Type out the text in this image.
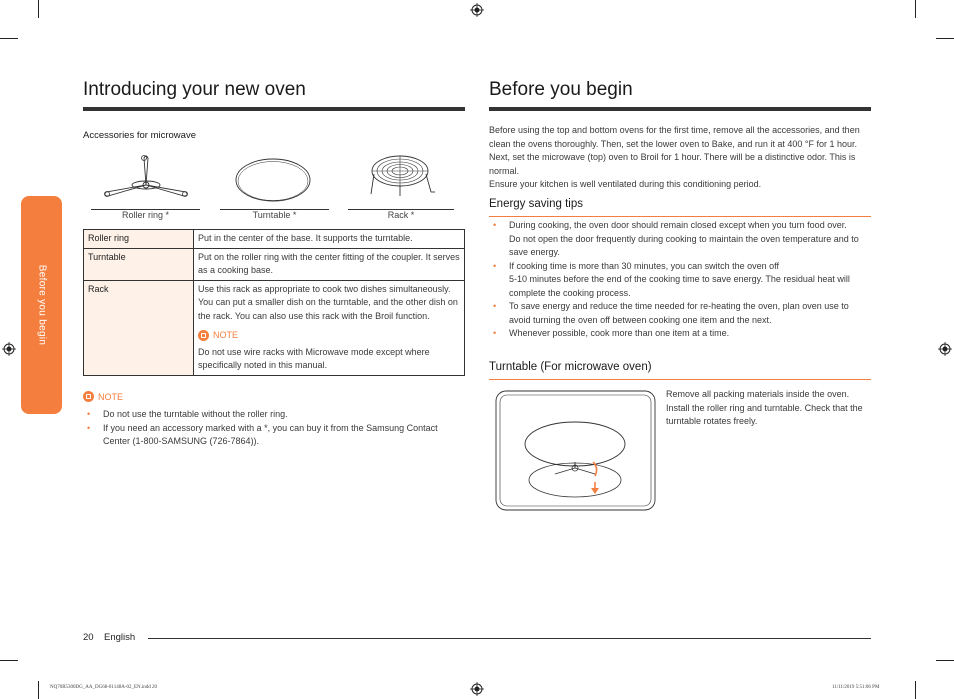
Before you begin
Introducing your new oven
Accessories for microwave
Roller ring *	Turntable *	Rack *
Roller ring	Put in the center of the base. It supports the turntable.
Turntable	Put on the roller ring with the center fitting of the coupler. It serves as a cooking base.
Rack	Use this rack as appropriate to cook two dishes simultaneously. You can put a smaller dish on the turntable, and the other dish on the rack. You can also use this rack with the Broil function.
NOTE
Do not use wire racks with Microwave mode except where specifically noted in this manual.
NOTE
• Do not use the turntable without the roller ring.
• If you need an accessory marked with a *, you can buy it from the Samsung Contact Center (1-800-SAMSUNG (726-7864)).
Before you begin
Before using the top and bottom ovens for the first time, remove all the accessories, and then clean the ovens thoroughly. Then, set the lower oven to Bake, and run it at 400 °F for 1 hour. Next, set the microwave (top) oven to Broil for 1 hour. There will be a distinctive odor. This is normal.
Ensure your kitchen is well ventilated during this conditioning period.
Energy saving tips
• During cooking, the oven door should remain closed except when you turn food over.
Do not open the door frequently during cooking to maintain the oven temperature and to save energy.
• If cooking time is more than 30 minutes, you can switch the oven off
5-10 minutes before the end of the cooking time to save energy. The residual heat will complete the cooking process.
• To save energy and reduce the time needed for re-heating the oven, plan oven use to avoid turning the oven off between cooking one item and the next.
• Whenever possible, cook more than one item at a time.
Turntable (For microwave oven)
Remove all packing materials inside the oven. Install the roller ring and turntable. Check that the turntable rotates freely.
20 English
NQ70R5300DG_AA_DG68-01148A-02_EN.indd 20	11/11/2019 5:51:06 PM
